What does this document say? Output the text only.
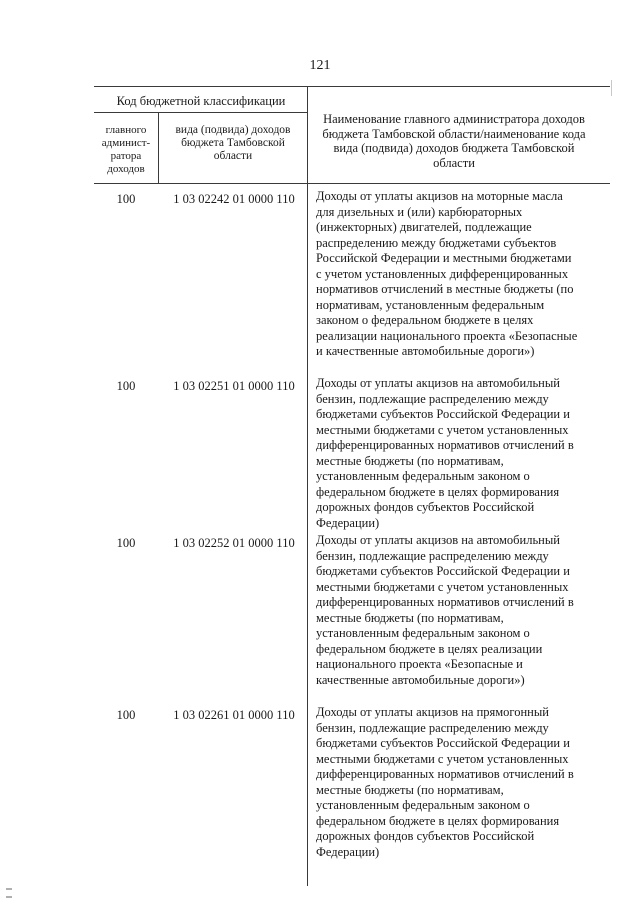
121
Код бюджетной классификации
главного админист-ратора доходов
вида (подвида) доходов бюджета Тамбовской области
Наименование главного администратора доходов бюджета Тамбовской области/наименование кода вида (подвида) доходов бюджета Тамбовской области
100	1 03 02242 01 0000 110	Доходы от уплаты акцизов на моторные масла для дизельных и (или) карбюраторных (инжекторных) двигателей, подлежащие распределению между бюджетами субъектов Российской Федерации и местными бюджетами с учетом установленных дифференцированных нормативов отчислений в местные бюджеты (по нормативам, установленным федеральным законом о федеральном бюджете в целях реализации национального проекта «Безопасные и качественные автомобильные дороги»)
100	1 03 02251 01 0000 110	Доходы от уплаты акцизов на автомобильный бензин, подлежащие распределению между бюджетами субъектов Российской Федерации и местными бюджетами с учетом установленных дифференцированных нормативов отчислений в местные бюджеты (по нормативам, установленным федеральным законом о федеральном бюджете в целях формирования дорожных фондов субъектов Российской Федерации)
100	1 03 02252 01 0000 110	Доходы от уплаты акцизов на автомобильный бензин, подлежащие распределению между бюджетами субъектов Российской Федерации и местными бюджетами с учетом установленных дифференцированных нормативов отчислений в местные бюджеты (по нормативам, установленным федеральным законом о федеральном бюджете в целях реализации национального проекта «Безопасные и качественные автомобильные дороги»)
100	1 03 02261 01 0000 110	Доходы от уплаты акцизов на прямогонный бензин, подлежащие распределению между бюджетами субъектов Российской Федерации и местными бюджетами с учетом установленных дифференцированных нормативов отчислений в местные бюджеты (по нормативам, установленным федеральным законом о федеральном бюджете в целях формирования дорожных фондов субъектов Российской Федерации)
